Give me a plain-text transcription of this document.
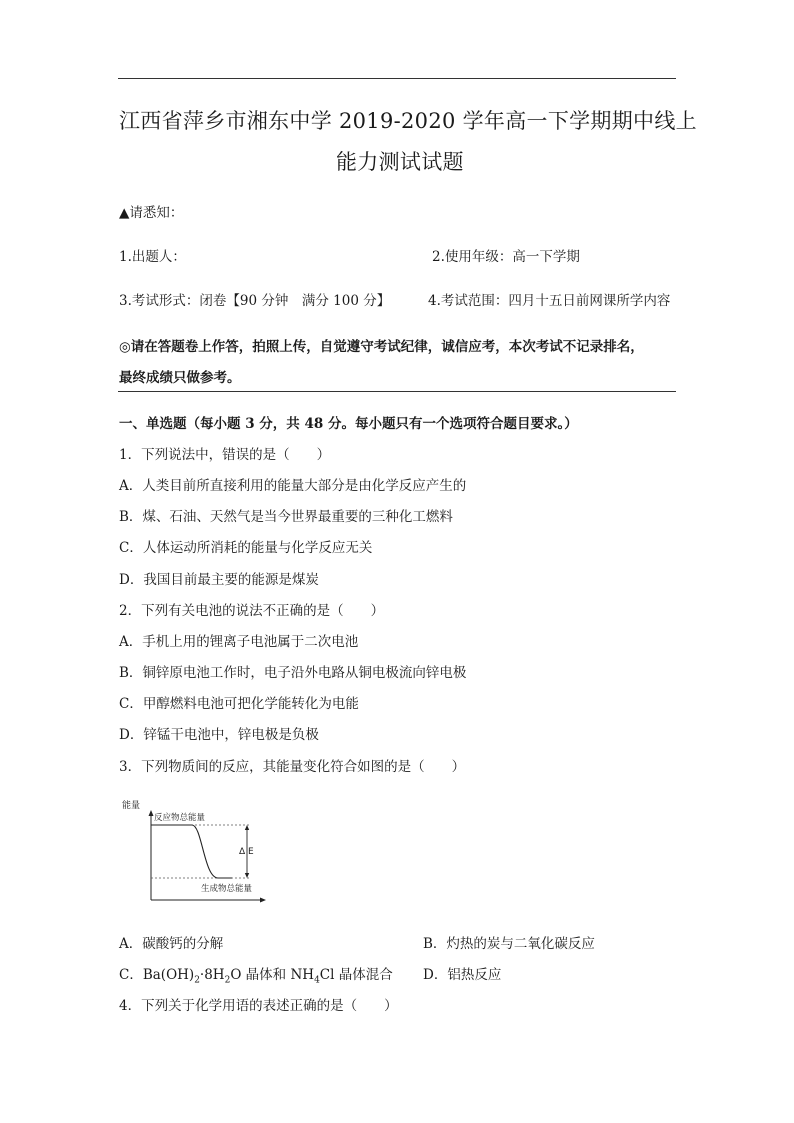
江西省萍乡市湘东中学 2019-2020 学年高一下学期期中线上
能力测试试题
▲请悉知：
1.出题人：	2.使用年级：高一下学期
3.考试形式：闭卷【90 分钟　满分 100 分】	4.考试范围：四月十五日前网课所学内容
◎请在答题卷上作答，拍照上传，自觉遵守考试纪律，诚信应考，本次考试不记录排名，
最终成绩只做参考。
一、单选题（每小题 3 分，共 48 分。每小题只有一个选项符合题目要求。）
1．下列说法中，错误的是（　　）
A．人类目前所直接利用的能量大部分是由化学反应产生的
B．煤、石油、天然气是当今世界最重要的三种化工燃料
C．人体运动所消耗的能量与化学反应无关
D．我国目前最主要的能源是煤炭
2．下列有关电池的说法不正确的是（　　）
A．手机上用的锂离子电池属于二次电池
B．铜锌原电池工作时，电子沿外电路从铜电极流向锌电极
C．甲醇燃料电池可把化学能转化为电能
D．锌锰干电池中，锌电极是负极
3．下列物质间的反应，其能量变化符合如图的是（　　）
能量
反应物总能量
生成物总能量
Δ E
A．碳酸钙的分解	B．灼热的炭与二氧化碳反应
C．$Ba(OH)_2\cdot 8H_2O$ 晶体和 $NH_4Cl$ 晶体混合 D．铝热反应
4．下列关于化学用语的表述正确的是（　　）
